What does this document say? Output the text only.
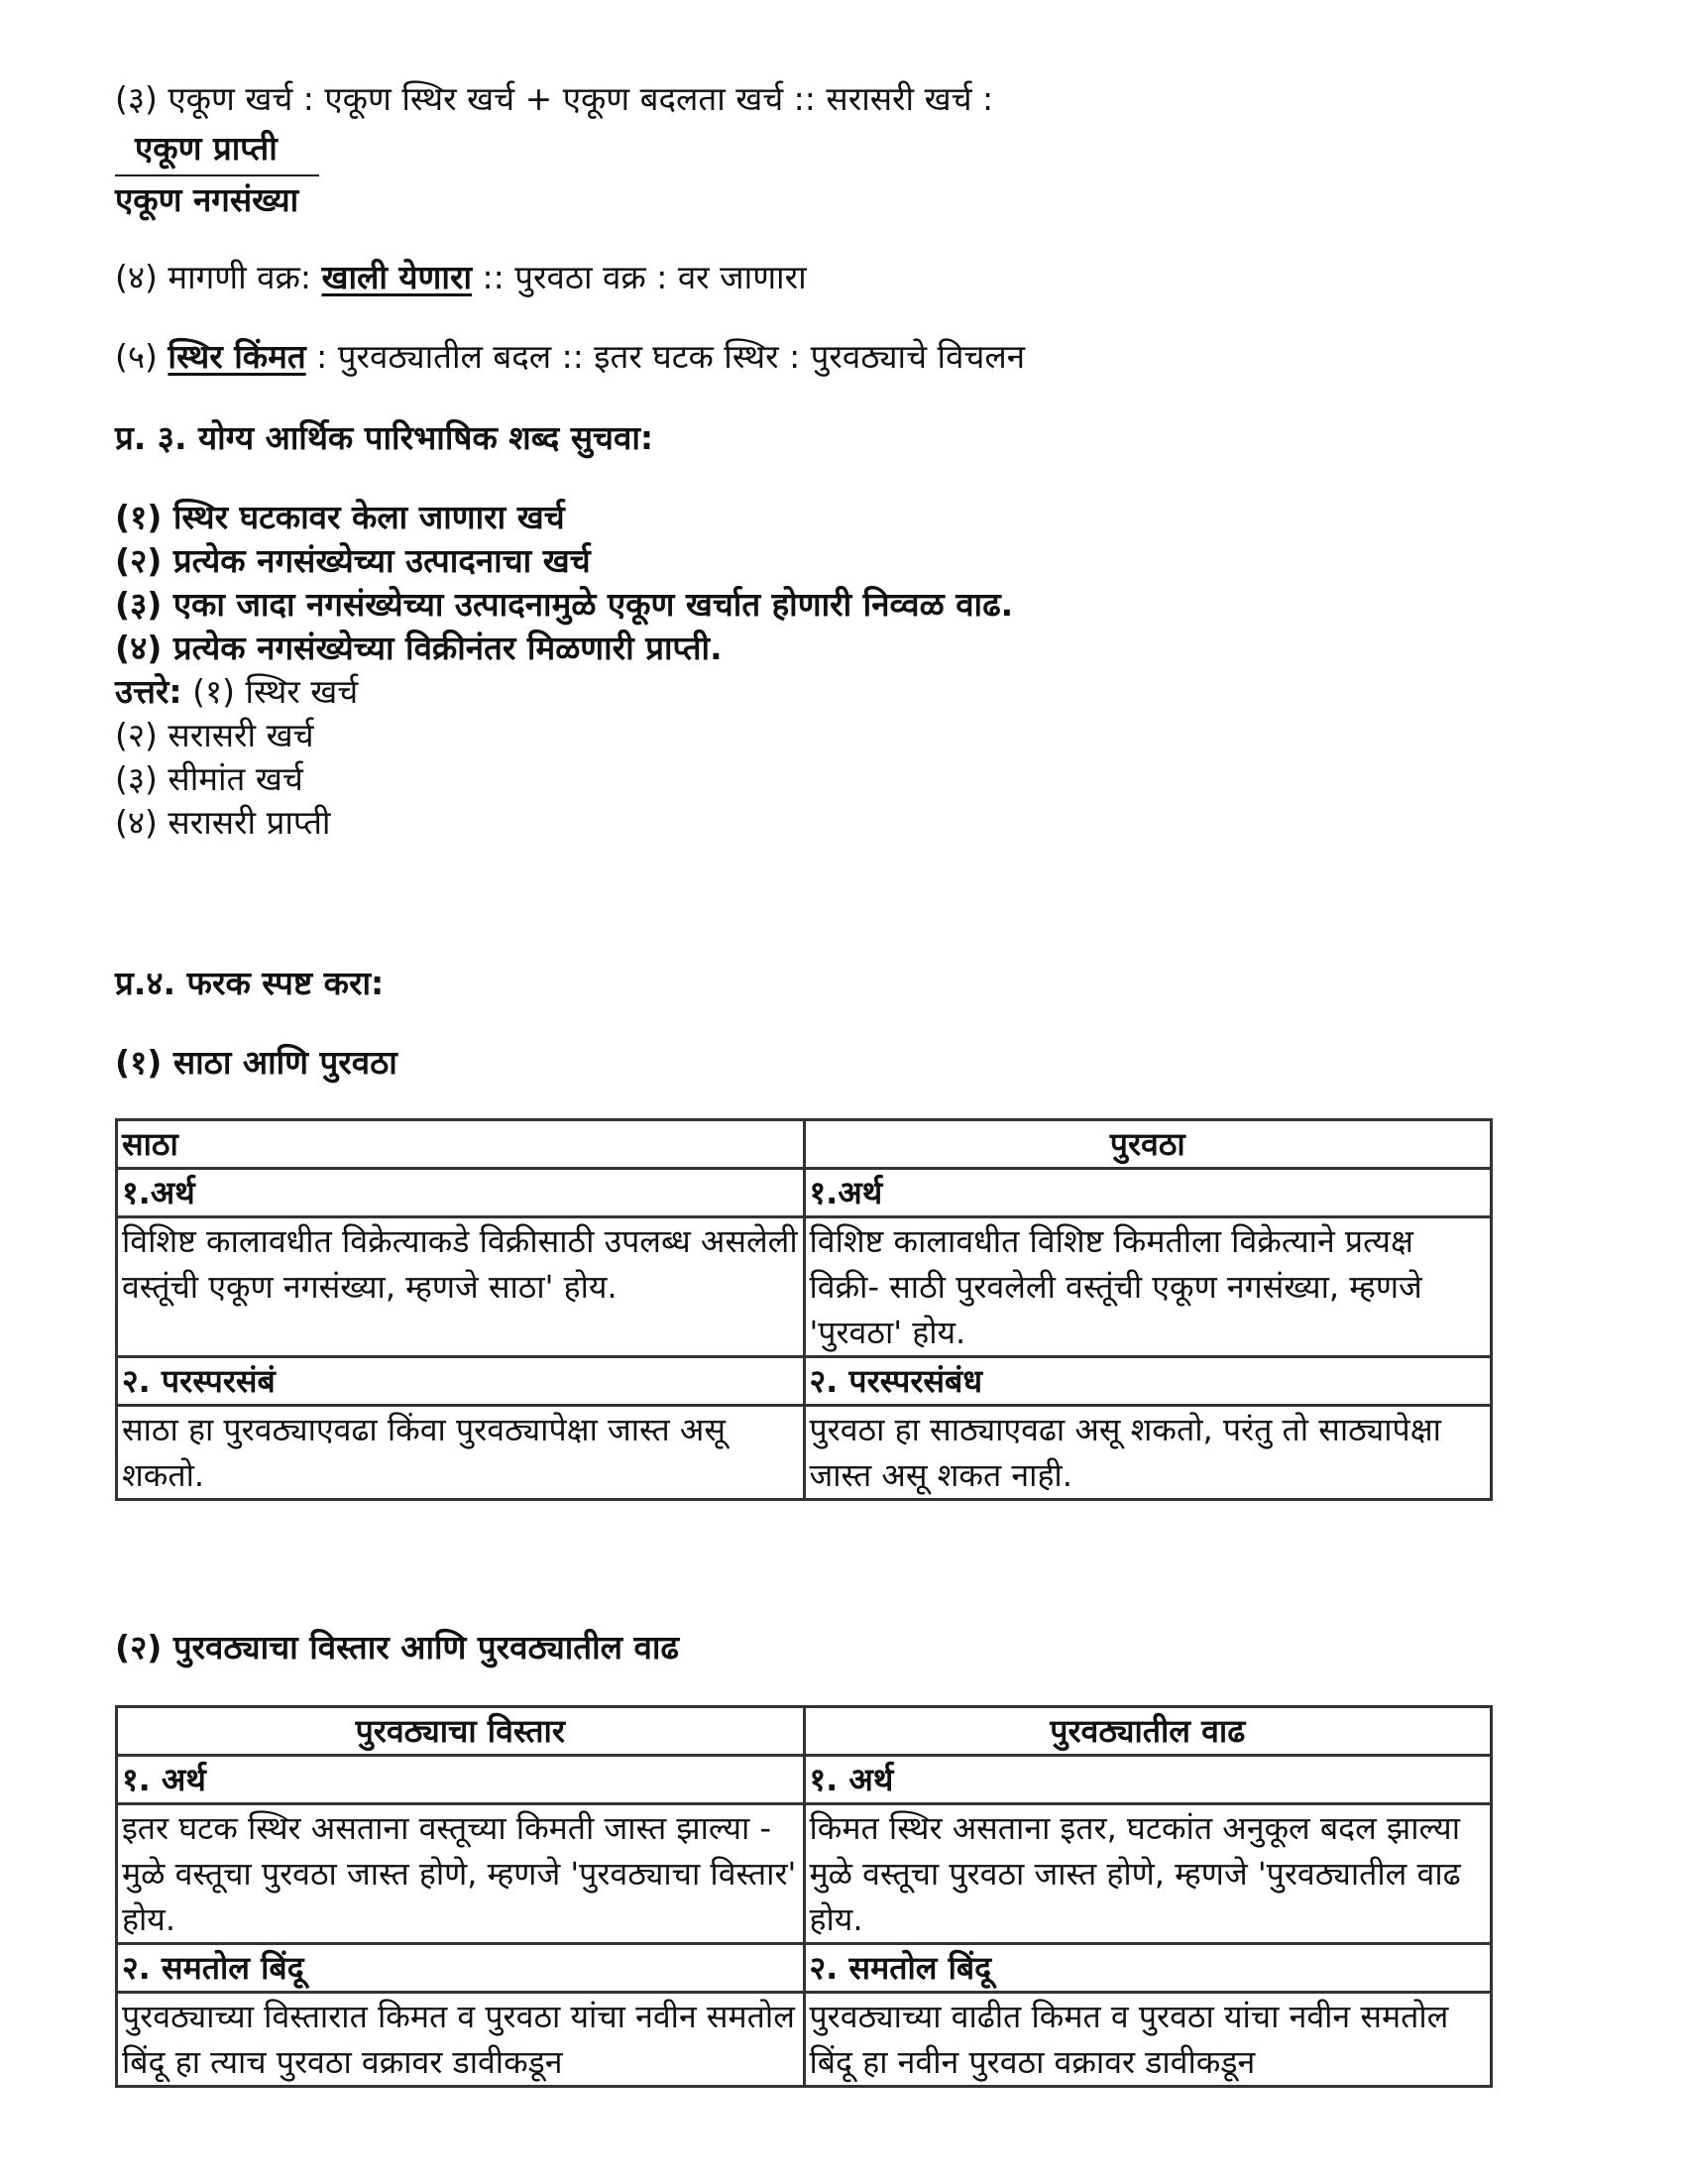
(३) एकूण खर्च : एकूण स्थिर खर्च + एकूण बदलता खर्च :: सरासरी खर्च :
एकूण प्राप्ती
एकूण नगसंख्या
(४) मागणी वक्र: खाली येणारा :: पुरवठा वक्र : वर जाणारा
(५) स्थिर किंमत : पुरवठ्यातील बदल :: इतर घटक स्थिर : पुरवठ्याचे विचलन
प्र. ३. योग्य आर्थिक पारिभाषिक शब्द सुचवा:
(१) स्थिर घटकावर केला जाणारा खर्च
(२) प्रत्येक नगसंख्येच्या उत्पादनाचा खर्च
(३) एका जादा नगसंख्येच्या उत्पादनामुळे एकूण खर्चात होणारी निव्वळ वाढ.
(४) प्रत्येक नगसंख्येच्या विक्रीनंतर मिळणारी प्राप्ती.
उत्तरे: (१) स्थिर खर्च
(२) सरासरी खर्च
(३) सीमांत खर्च
(४) सरासरी प्राप्ती
प्र.४. फरक स्पष्ट करा:
(१) साठा आणि पुरवठा
साठा	पुरवठा
१.अर्थ	१.अर्थ
विशिष्ट कालावधीत विक्रेत्याकडे विक्रीसाठी उपलब्ध असलेली वस्तूंची एकूण नगसंख्या, म्हणजे साठा' होय.	विशिष्ट कालावधीत विशिष्ट किमतीला विक्रेत्याने प्रत्यक्ष विक्री- साठी पुरवलेली वस्तूंची एकूण नगसंख्या, म्हणजे 'पुरवठा' होय.
२. परस्परसंबं	२. परस्परसंबंध
साठा हा पुरवठ्याएवढा किंवा पुरवठ्यापेक्षा जास्त असू शकतो.	पुरवठा हा साठ्याएवढा असू शकतो, परंतु तो साठ्यापेक्षा जास्त असू शकत नाही.
(२) पुरवठ्याचा विस्तार आणि पुरवठ्यातील वाढ
पुरवठ्याचा विस्तार	पुरवठ्यातील वाढ
१. अर्थ	१. अर्थ
इतर घटक स्थिर असताना वस्तूच्या किमती जास्त झाल्या - मुळे वस्तूचा पुरवठा जास्त होणे, म्हणजे 'पुरवठ्याचा विस्तार' होय.	किमत स्थिर असताना इतर, घटकांत अनुकूल बदल झाल्या मुळे वस्तूचा पुरवठा जास्त होणे, म्हणजे 'पुरवठ्यातील वाढ होय.
२. समतोल बिंदू	२. समतोल बिंदू
पुरवठ्याच्या विस्तारात किमत व पुरवठा यांचा नवीन समतोल बिंदू हा त्याच पुरवठा वक्रावर डावीकडून	पुरवठ्याच्या वाढीत किमत व पुरवठा यांचा नवीन समतोल बिंदू हा नवीन पुरवठा वक्रावर डावीकडून
